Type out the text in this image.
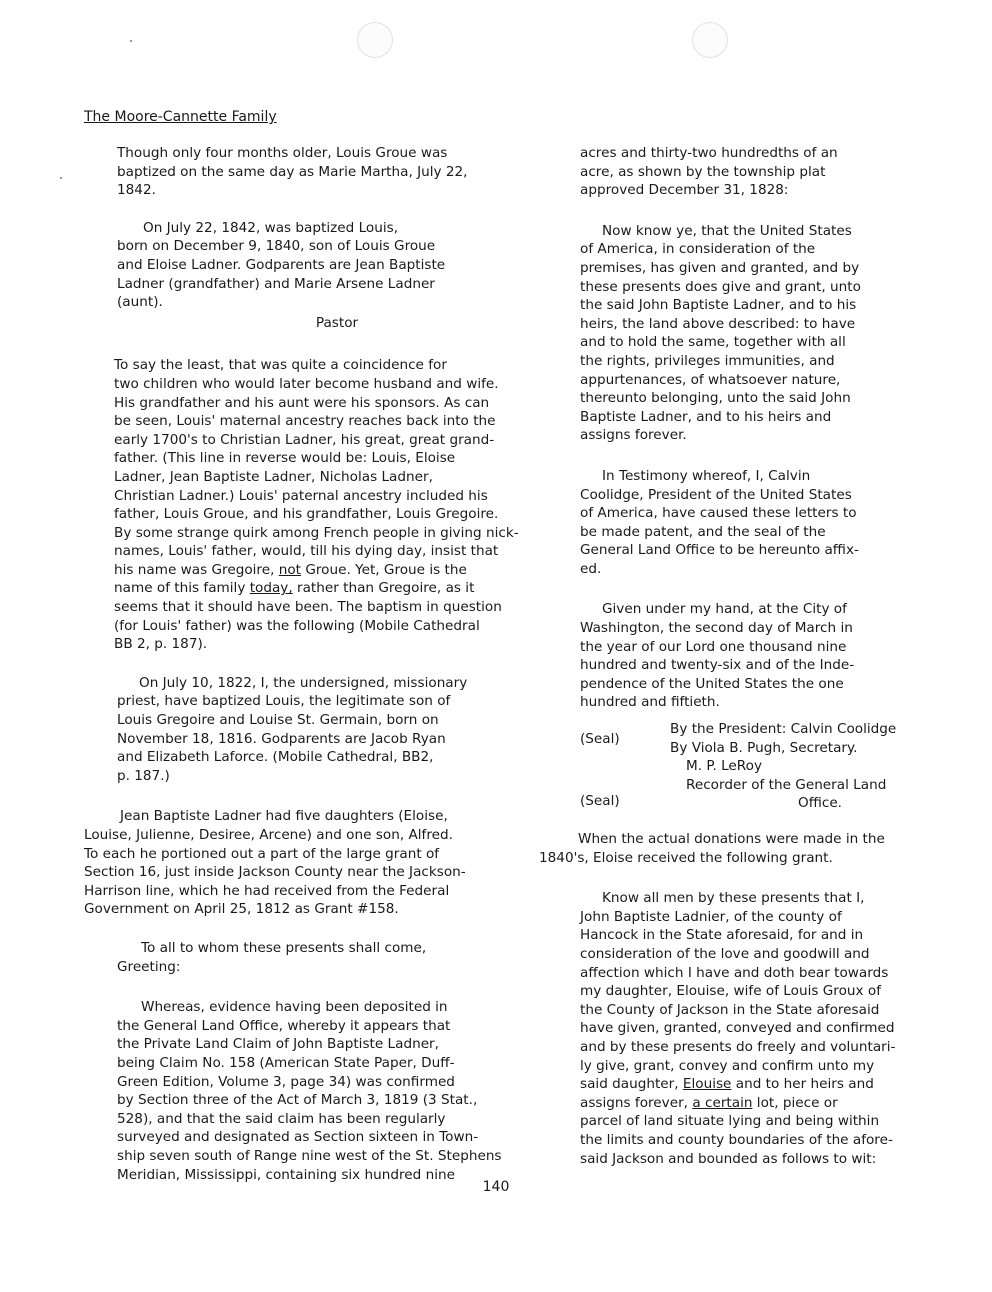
The Moore-Cannette Family
Though only four months older, Louis Groue was
baptized on the same day as Marie Martha, July 22,
1842.
On July 22, 1842, was baptized Louis,
born on December 9, 1840, son of Louis Groue
and Eloise Ladner. Godparents are Jean Baptiste
Ladner (grandfather) and Marie Arsene Ladner
(aunt).
Pastor
To say the least, that was quite a coincidence for
two children who would later become husband and wife.
His grandfather and his aunt were his sponsors. As can
be seen, Louis' maternal ancestry reaches back into the
early 1700's to Christian Ladner, his great, great grand-
father. (This line in reverse would be: Louis, Eloise
Ladner, Jean Baptiste Ladner, Nicholas Ladner,
Christian Ladner.) Louis' paternal ancestry included his
father, Louis Groue, and his grandfather, Louis Gregoire.
By some strange quirk among French people in giving nick-
names, Louis' father, would, till his dying day, insist that
his name was Gregoire, not Groue. Yet, Groue is the
name of this family today, rather than Gregoire, as it
seems that it should have been. The baptism in question
(for Louis' father) was the following (Mobile Cathedral
BB 2, p. 187).
On July 10, 1822, I, the undersigned, missionary
priest, have baptized Louis, the legitimate son of
Louis Gregoire and Louise St. Germain, born on
November 18, 1816. Godparents are Jacob Ryan
and Elizabeth Laforce. (Mobile Cathedral, BB2,
p. 187.)
Jean Baptiste Ladner had five daughters (Eloise,
Louise, Julienne, Desiree, Arcene) and one son, Alfred.
To each he portioned out a part of the large grant of
Section 16, just inside Jackson County near the Jackson-
Harrison line, which he had received from the Federal
Government on April 25, 1812 as Grant #158.
To all to whom these presents shall come,
Greeting:
Whereas, evidence having been deposited in
the General Land Office, whereby it appears that
the Private Land Claim of John Baptiste Ladner,
being Claim No. 158 (American State Paper, Duff-
Green Edition, Volume 3, page 34) was confirmed
by Section three of the Act of March 3, 1819 (3 Stat.,
528), and that the said claim has been regularly
surveyed and designated as Section sixteen in Town-
ship seven south of Range nine west of the St. Stephens
Meridian, Mississippi, containing six hundred nine
acres and thirty-two hundredths of an
acre, as shown by the township plat
approved December 31, 1828:
Now know ye, that the United States
of America, in consideration of the
premises, has given and granted, and by
these presents does give and grant, unto
the said John Baptiste Ladner, and to his
heirs, the land above described: to have
and to hold the same, together with all
the rights, privileges immunities, and
appurtenances, of whatsoever nature,
thereunto belonging, unto the said John
Baptiste Ladner, and to his heirs and
assigns forever.
In Testimony whereof, I, Calvin
Coolidge, President of the United States
of America, have caused these letters to
be made patent, and the seal of the
General Land Office to be hereunto affix-
ed.
Given under my hand, at the City of
Washington, the second day of March in
the year of our Lord one thousand nine
hundred and twenty-six and of the Inde-
pendence of the United States the one
hundred and fiftieth.
(Seal)
(Seal)
By the President: Calvin Coolidge
By Viola B. Pugh, Secretary.
M. P. LeRoy
Recorder of the General Land
Office.
When the actual donations were made in the
1840's, Eloise received the following grant.
Know all men by these presents that I,
John Baptiste Ladnier, of the county of
Hancock in the State aforesaid, for and in
consideration of the love and goodwill and
affection which I have and doth bear towards
my daughter, Elouise, wife of Louis Groux of
the County of Jackson in the State aforesaid
have given, granted, conveyed and confirmed
and by these presents do freely and voluntari-
ly give, grant, convey and confirm unto my
said daughter, Elouise and to her heirs and
assigns forever, a certain lot, piece or
parcel of land situate lying and being within
the limits and county boundaries of the afore-
said Jackson and bounded as follows to wit:
140
